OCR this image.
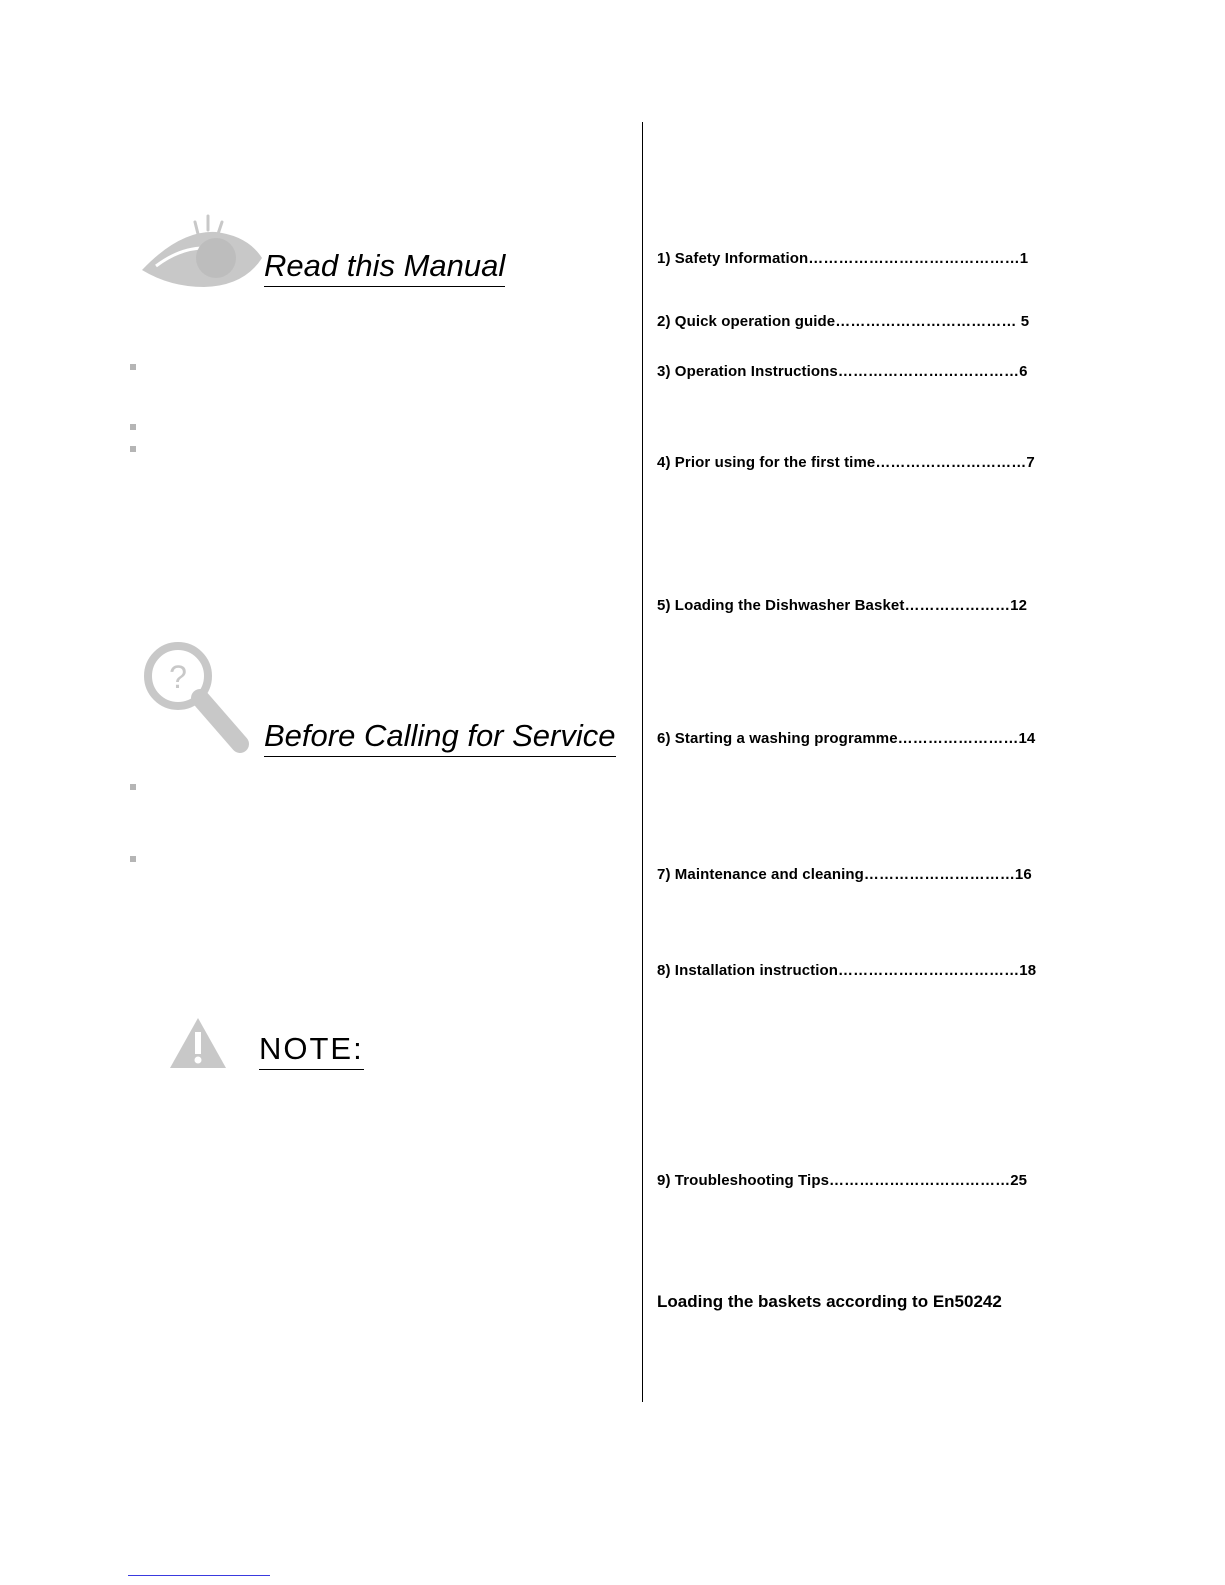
Read this Manual
?
Before Calling for Service
NOTE:
1) Safety Information……………………………………1
2) Quick operation guide……………………………… 5
3) Operation Instructions………………………………6
4) Prior using for the first time…………………………7
5) Loading the Dishwasher Basket…………………12
6) Starting a washing programme……………………14
7) Maintenance and cleaning…………………………16
8) Installation instruction………………………………18
9) Troubleshooting Tips………………………………25
Loading the baskets according to En50242
